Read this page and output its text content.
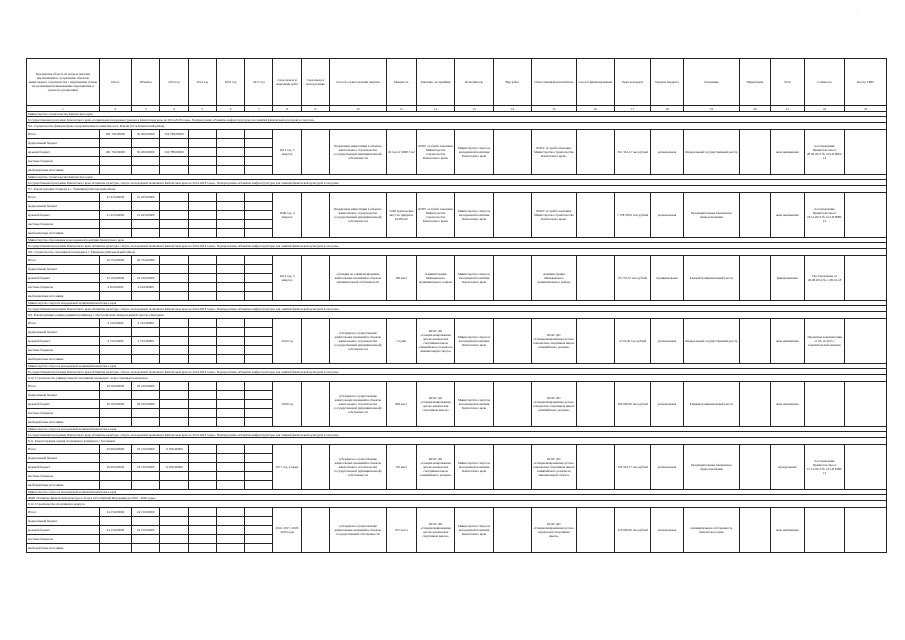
·
Предметная область из раздела перечня мероприятий по устранению объектов капитального строительства с нарушением сроков их реализации (наименование мероприятия и сроки его реализации)	Итого	Объекты	2013 год	2014 год	2016 год	2017 год	Срок начала и окончания работ	Срок ввода в эксплуатацию	Способ осуществления закупки	Мощность	Заказчик, застройщик	Исполнитель	Вид работ	Ответственный исполнитель	Способ финансирования	Цена контракта	Уровень бюджета	Основание	Примечание	Этап	Стоимость	Реестр ГРБС
1	2	3	4	5	6	7	8	9	10	11	12	13	14	15	16	17	18	19	20	21	22	23
Министерство строительства Камчатского края																						
Государственная программа Камчатского края «Социальная поддержка граждан в Камчатском крае на 2014-2018 годы», Подпрограмма «Развитие инфраструктуры для занятий физической культурой и спортом»																						
8.6. Строительство физкультурно-оздоровительного комплекса в п. Ключи (Усть-Камчатский район)																						
Итого	291 792,00000	56 200,00000	234 788,00000				2013 год, 3 квартал		Бюджетные инвестиции в объекты капитального строительства государственной (муниципальной) собственности	45 тыс.м² 4098,7 м2	КГБУ «Служба заказчика Министерства строительства Камчатского края»	Министерство спорта и молодежной политики Камчатского края		КГКУ «Служба заказчика Министерства строительства Камчатского края»		361 341,21 тыс.рублей	региональная	Федеральный государственный реестр		цена неизменная	постановление Правительства от 28.09.2013 № 413-П 8062-12	
федеральный бюджет																						
краевой бюджет	291 792,00000	56 200,00000	234 788,00000																			
местные бюджеты																						
внебюджетные источники																						
Министерство строительства Камчатского края																						
Государственная программа Камчатского края «Развитие культуры, спорта, молодежной политики в Камчатском крае на 2014-2018 годы», Подпрограмма «Развитие инфраструктуры для занятий физической культурой и спортом»																						
8.7. Реконструкция стадиона в с. Тиличики (Олюторский район)																						
Итого	21 225,00000	21 225,00000					2009 год, 3 квартал		Бюджетные инвестиции в объекты капитального строительства государственной (муниципальной) собственности	3 000 зрительских мест на трибунах 24 084 м2	КГБУ «Служба заказчика Министерства строительства Камчатского края»	Министерство спорта и молодежной политики Камчатского края		КГКУ «Служба заказчика Министерства строительства Камчатского края»		1 768 358,0 тыс.рублей	региональная	Предварительные бюджетные правоотношения		цена неизменная	постановление Правительства от 23.12.2013 № 413-П 8080-12	
федеральный бюджет																						
краевой бюджет	21 225,00000	21 225,00000																				
местные бюджеты																						
внебюджетные источники																						
Министерство образования и молодежной политики Камчатского края																						
Государственная программа Камчатского края «Развитие культуры, спорта, молодежной политики в Камчатском крае на 2014-2018 годы», Подпрограмма «Развитие инфраструктуры для занятий физической культурой и спортом»																						
8.8. Строительство спортивной площадки в с. Мильково (Мильковский район)																						
Итого	26 754,00000	26 754,00000					2014 год, 3 квартал		субсидии на софинансирование капитальных вложений в объекты муниципальной собственности	160 мест	Администрация Мильковского муниципального района	Министерство спорта и молодежной политики Камчатского края		Администрация Мильковского муниципального района		83 755,57 тыс.рублей	муниципальная	Единый муниципальный реестр		фиксированная	Постановление от 26.09.2014 № 1-08-16-18	
федеральный бюджет																						
краевой бюджет	22 100,00000	22 100,00000																				
местные бюджеты	4 654,00000	4 654,00000																				
внебюджетные источники																						
Министерство спорта и молодежной политики Камчатского края																						
Государственная программа Камчатского края «Развитие культуры, спорта, молодежной политики в Камчатском крае на 2014-2018 годы», Подпрограмма «Развитие инфраструктуры для занятий физической культурой и спортом»																						
8.9. Реконструкция здания (административное) с обустройством лыжероллерной трассы «Заречная»																						
Итого	4 722,00000	4 722,00000					2016 год		субсидии на осуществление капитальных вложений в объекты капитального строительства государственной (муниципальной) собственности	1 пункт	КГАУ ДО «Специализированная детско-юношеская спортивная школа олимпийского резерва по зимним видам спорта»	Министерство спорта и молодежной политики Камчатского края		КГАУ ДО «Специализированная детско-юношеская спортивная школа олимпийского резерва»		4 722,00 тыс.рублей	региональная	Федеральный государственный реестр		цена неизменная	Проектная документация от 05.12.2015 с пояснительной записью	
федеральный бюджет																						
краевой бюджет	4 722,00000	4 722,00000																				
местные бюджеты																						
внебюджетные источники																						
Министерство спорта и молодежной политики Камчатского края																						
Государственная программа Камчатского края «Развитие культуры, спорта, молодежной политики в Камчатском крае на 2014-2018 годы», Подпрограмма «Развитие инфраструктуры для занятий физической культурой и спортом»																						
8.10. Строительство универсальной спортивной площадки с искусственным покрытием																						
Итого	29 100,00000	29 100,00000					2018 год		субсидии на осуществление капитальных вложений в объекты капитального строительства государственной (муниципальной) собственности	800 мест	КГАУ ДО «Специализированная детско-юношеская спортивная школа»	Министерство спорта и молодежной политики Камчатского края		КГАУ ДО «Специализированная детско-юношеская спортивная школа олимпийского резерва»		390 000,00 тыс.рублей	региональная	Единый муниципальный реестр		цена неизменная		
федеральный бюджет																						
краевой бюджет	29 100,00000	29 100,00000																				
местные бюджеты																						
внебюджетные источники																						
Министерство спорта и молодежной политики Камчатского края																						
Государственная программа Камчатского края «Развитие культуры, спорта, молодежной политики в Камчатском крае на 2014-2018 годы», Подпрограмма «Развитие инфраструктуры для занятий физической культурой и спортом»																						
8.11. Реконструкция здания спортивного комплекса с бассейном																						
Итого	29 000,00000	18 150,00000	11 850,00000				2017 год, 4 кварт		субсидии на осуществление капитальных вложений в объекты капитального строительства государственной (муниципальной) собственности	125 мест	КГАУ ДО «Специализированная детско-юношеская спортивная школа олимпийского резерва»	Министерство спорта и молодежной политики Камчатского края		КГАУ ДО «Специализированная детско-юношеская спортивная школа олимпийского резерва по зимним видам спорта»		339 543,17 тыс.рублей	региональная	Предварительные бюджетные правоотношения		определенная	постановление Правительства от 15.12.2015 № 413-П 8180-12	
федеральный бюджет																						
краевой бюджет	29 000,00000	18 150,00000	11 850,00000																			
местные бюджеты																						
внебюджетные источники																						
Министерство спорта и молодежной политики Камчатского края																						
ФЦП «Развитие физической культуры и спорта в Российской Федерации на 2016 - 2020 годы»																						
8.12. Строительство спортивного корпуса																						
Итого	24 150,00000	24 150,00000					2016, 2017, 2018, 2019 годы		субсидии на осуществление капитальных вложений в объекты государственной собственности	105 чел/ч	КГАУ ДО «Специализированная детско-юношеская спортивная школа»	Министерство спорта и молодежной политики Камчатского края		КГАУ ДО «Специализированная детско-юношеская спортивная школа»		270 000,00 тыс.рублей	региональная	муниципальная собственность Камчатского края		цена неизменная		
федеральный бюджет																						
краевой бюджет	24 150,00000	24 150,00000																				
местные бюджеты																						
внебюджетные источники																						
